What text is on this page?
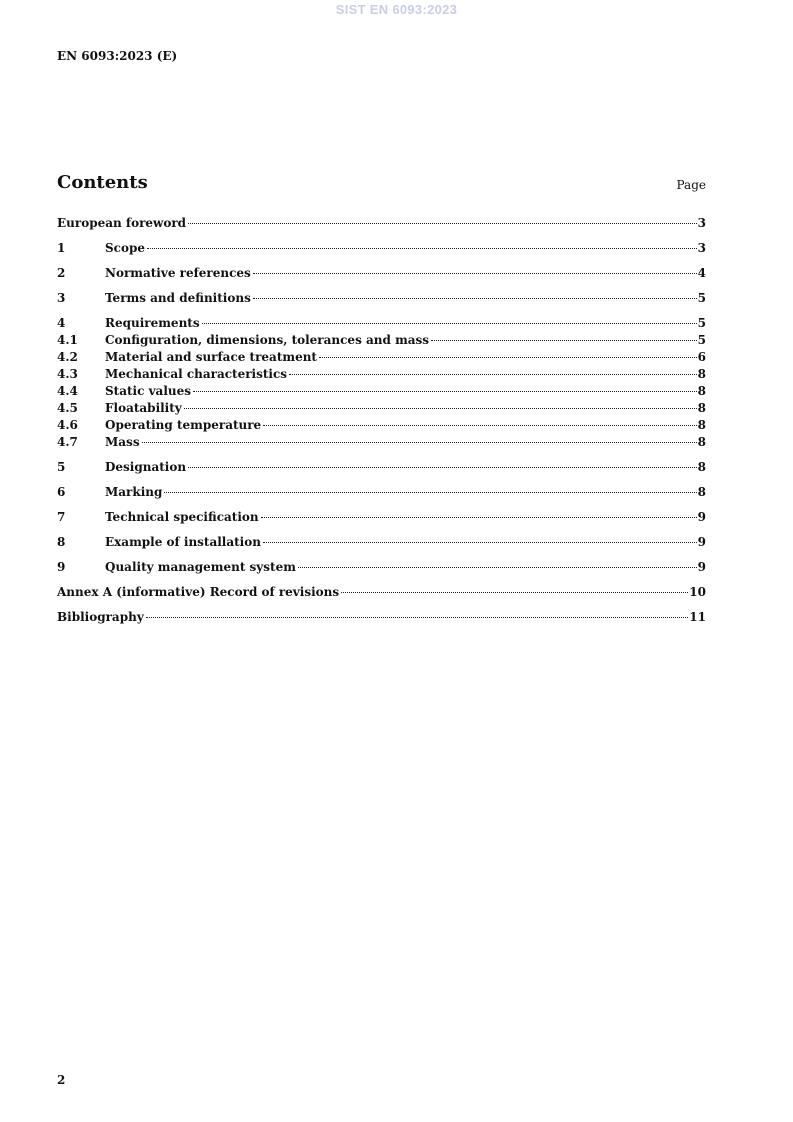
SIST EN 6093:2023
EN 6093:2023 (E)
Contents	Page
European foreword	3
1	Scope	3
2	Normative references	4
3	Terms and definitions	5
4	Requirements	5
4.1	Configuration, dimensions, tolerances and mass	5
4.2	Material and surface treatment	6
4.3	Mechanical characteristics	8
4.4	Static values	8
4.5	Floatability	8
4.6	Operating temperature	8
4.7	Mass	8
5	Designation	8
6	Marking	8
7	Technical specification	9
8	Example of installation	9
9	Quality management system	9
Annex A (informative) Record of revisions	10
Bibliography	11
2
